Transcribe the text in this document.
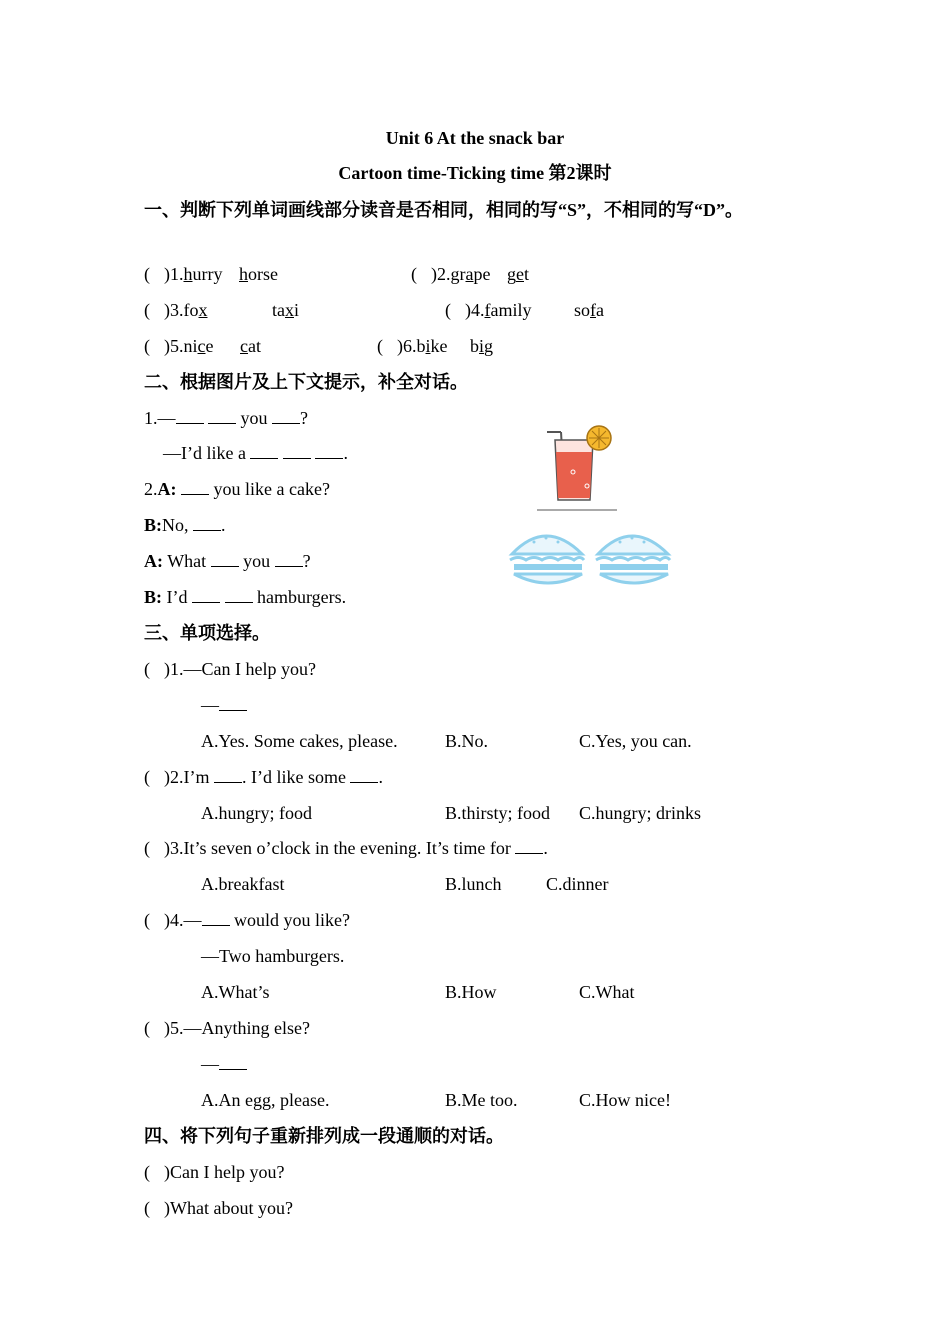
Unit 6 At the snack bar
Cartoon time-Ticking time 第2课时
一、判断下列单词画线部分读音是否相同，相同的写“S”，不相同的写“D”。
( )1.hurry horse	( )2.grape get
( )3.fox	taxi	( )4.family sofa
( )5.nice cat	( )6.bike big
二、根据图片及上下文提示，补全对话。
1.—	you ?
—I’d like a	.
2.A: you like a cake?
B:No, .
A: What you ?
B: I’d	hamburgers.
三、单项选择。
( )1.—Can I help you?
—
A.Yes. Some cakes, please.	B.No.	C.Yes, you can.
( )2.I’m . I’d like some .
A.hungry; food	B.thirsty; food C.hungry; drinks
( )3.It’s seven o’clock in the evening. It’s time for .
A.breakfast	B.lunch C.dinner
( )4.— would you like?
—Two hamburgers.
A.What’s	B.How	C.What
( )5.—Anything else?
—
A.An egg, please.	B.Me too.	C.How nice!
四、将下列句子重新排列成一段通顺的对话。
( )Can I help you?
( )What about you?
